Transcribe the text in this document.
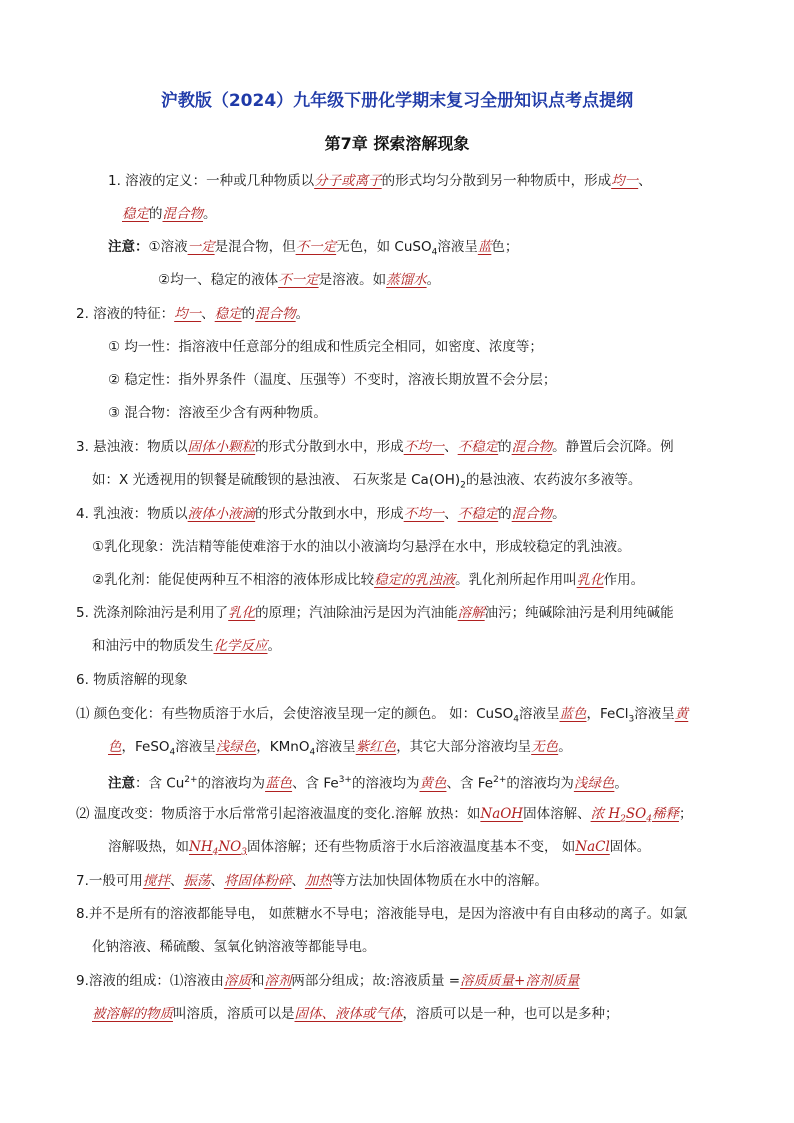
沪教版（2024）九年级下册化学期末复习全册知识点考点提纲
第7章 探索溶解现象
1. 溶液的定义：一种或几种物质以分子或离子的形式均匀分散到另一种物质中，形成均一、
稳定的混合物。
注意：①溶液一定是混合物，但不一定无色，如 CuSO$_4$溶液呈蓝色；
②均一、稳定的液体不一定是溶液。如蒸馏水。
2. 溶液的特征：均一、稳定的混合物。
① 均一性：指溶液中任意部分的组成和性质完全相同，如密度、浓度等；
② 稳定性：指外界条件（温度、压强等）不变时，溶液长期放置不会分层；
③ 混合物：溶液至少含有两种物质。
3. 悬浊液：物质以固体小颗粒的形式分散到水中，形成不均一、不稳定的混合物。静置后会沉降。例
如：X 光透视用的钡餐是硫酸钡的悬浊液、 石灰浆是 $Ca(OH)_2$的悬浊液、农药波尔多液等。
4. 乳浊液：物质以液体小液滴的形式分散到水中，形成不均一、不稳定的混合物。
①乳化现象：洗洁精等能使难溶于水的油以小液滴均匀悬浮在水中，形成较稳定的乳浊液。
②乳化剂：能促使两种互不相溶的液体形成比较稳定的乳浊液。乳化剂所起作用叫乳化作用。
5. 洗涤剂除油污是利用了乳化的原理；汽油除油污是因为汽油能溶解油污；纯碱除油污是利用纯碱能
和油污中的物质发生化学反应。
6. 物质溶解的现象
⑴ 颜色变化：有些物质溶于水后，会使溶液呈现一定的颜色。 如：CuSO$_4$溶液呈蓝色，FeCl$_3$溶液呈黄
色，FeSO$_4$溶液呈浅绿色，KMnO$_4$溶液呈紫红色，其它大部分溶液均呈无色。
注意：含 $Cu^{2+}$的溶液均为蓝色、含 $Fe^{3+}$的溶液均为黄色、含 $Fe^{2+}$的溶液均为浅绿色。
⑵ 温度改变：物质溶于水后常常引起溶液温度的变化.溶解 放热：如NaOH固体溶解、浓 $H_2SO_4$稀释；
溶解吸热，如$NH_4NO_3$固体溶解；还有些物质溶于水后溶液温度基本不变， 如NaCl固体。
7.一般可用搅拌、振荡、将固体粉碎、加热等方法加快固体物质在水中的溶解。
8.并不是所有的溶液都能导电， 如蔗糖水不导电；溶液能导电，是因为溶液中有自由移动的离子。如氯
化钠溶液、稀硫酸、氢氧化钠溶液等都能导电。
9.溶液的组成：⑴溶液由溶质和溶剂两部分组成；故:溶液质量 =溶质质量+溶剂质量
被溶解的物质叫溶质，溶质可以是固体、液体或气体，溶质可以是一种，也可以是多种；
